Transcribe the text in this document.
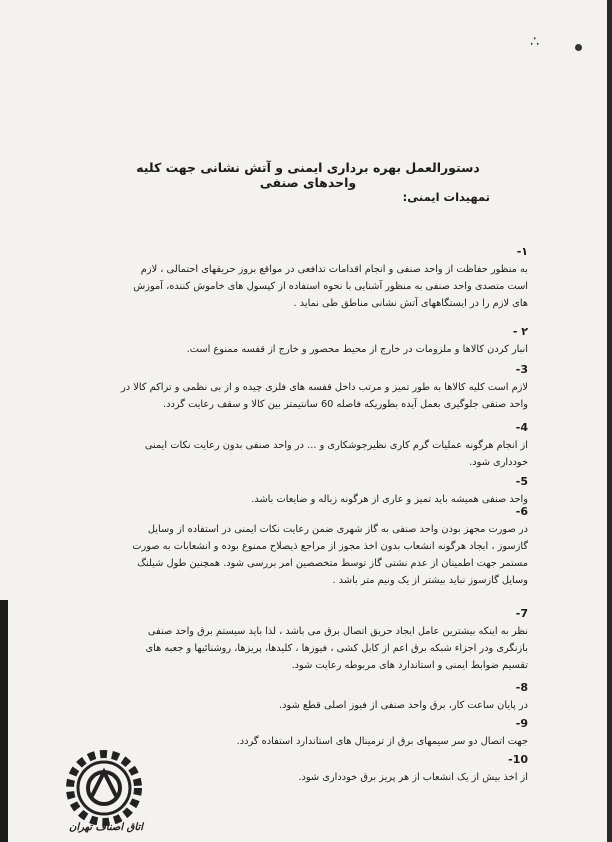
∴
دستورالعمل بهره برداری ایمنی و آتش نشانی جهت کلیه واحدهای صنفی
تمهیدات ایمنی:

۱-
به منظور حفاظت از واحد صنفی و انجام اقدامات تدافعی در مواقع بروز حریقهای احتمالی ، لازم است متصدی واحد صنفی به منظور آشنایی با نحوه استفاده از کپسول های خاموش کننده، آموزش های لازم را در ایستگاههای آتش نشانی مناطق طی نماید .

۲ -
انبار کردن کالاها و ملزومات در خارج از محیط محصور و خارج از قفسه ممنوع است.

3-
لازم است کلیه کالاها به طور تمیز و مرتب داخل قفسه های فلزی چیده و از بی نظمی و تراکم کالا در واحد صنفی جلوگیری بعمل آیده بطوریکه فاصله 60 سانتیمتر بین کالا و سقف رعایت گردد.

4-
از انجام هرگونه عملیات گرم کاری نظیرجوشکاری و ... در واحد صنفی بدون رعایت نکات ایمنی خودداری شود.

5-
واحد صنفی همیشه باید تمیز و عاری از هرگونه زباله و ضایعات باشد.

6-
در صورت مجهز بودن واحد صنفی به گاز شهری ضمن رعایت نکات ایمنی در استفاده از وسایل گازسوز ، ایجاد هرگونه انشعاب بدون اخذ مجوز از مراجع ذیصلاح ممنوع بوده و انشعابات به صورت مستمر جهت اطمینان از عدم نشتی گاز توسط متخصصین امر بررسی شود. همچنین طول شیلنگ وسایل گازسوز نباید بیشتر از یک ونیم متر باشد .

7-
نظر به اینکه بیشترین عامل ایجاد حریق اتصال برق می باشد ، لذا باید سیستم برق واحد صنفی بازنگری ودر اجزاء شبکه برق اعم از کابل کشی ، فیوزها ، کلیدها، پریزها، روشنائیها و جعبه های تقسیم ضوابط ایمنی و استاندارد های مربوطه رعایت شود.

8-
در پایان ساعت کار، برق واحد صنفی از فیوز اصلی قطع شود.

9-
جهت اتصال دو سر سیمهای برق از ترمینال های استاندارد استفاده گردد.

10-
از اخذ بیش از یک انشعاب از هر پریز برق خودداری شود.

اتاق اصناف تهران
